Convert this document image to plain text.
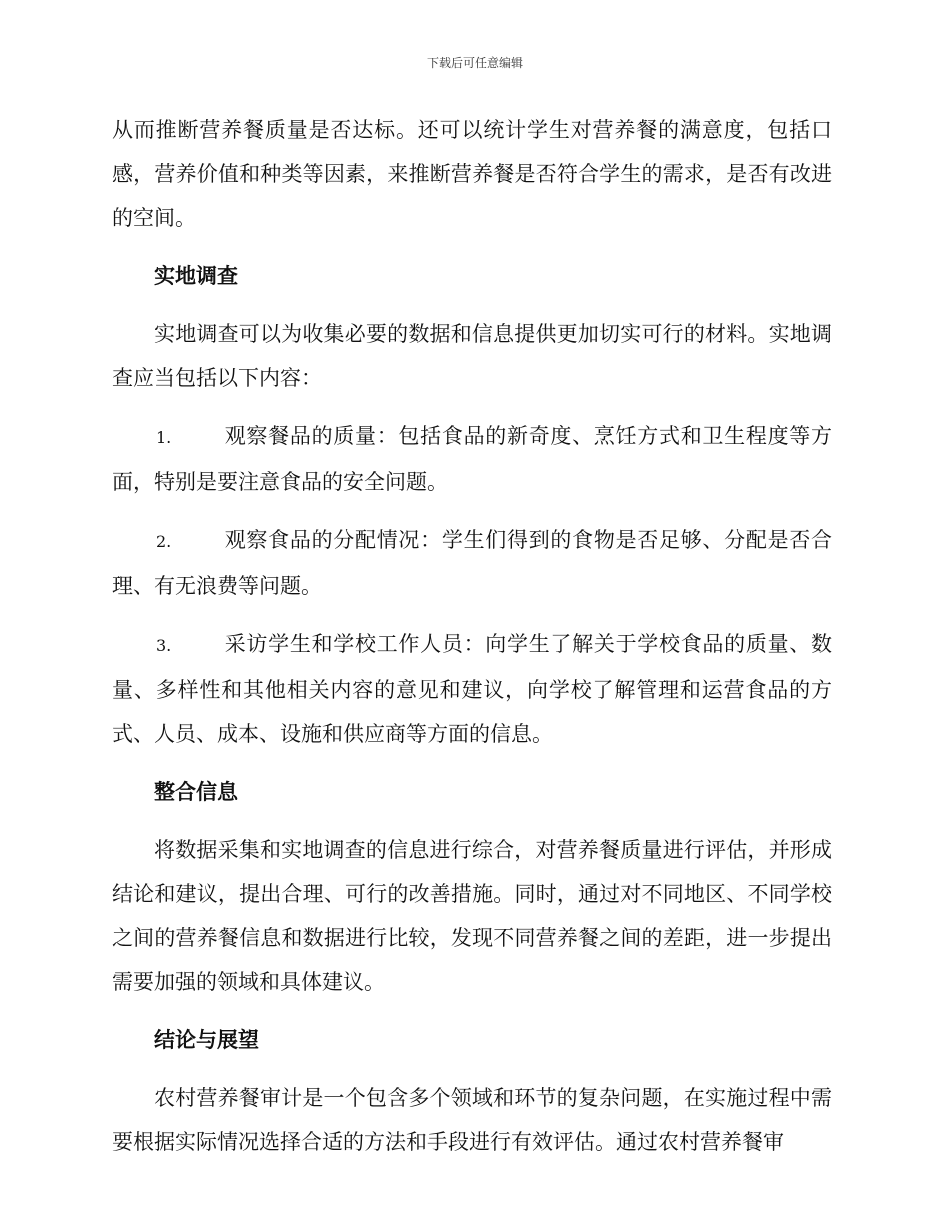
下载后可任意编辑

从而推断营养餐质量是否达标。还可以统计学生对营养餐的满意度，包括口感，营养价值和种类等因素，来推断营养餐是否符合学生的需求，是否有改进的空间。

实地调查

实地调查可以为收集必要的数据和信息提供更加切实可行的材料。实地调查应当包括以下内容：

1.	观察餐品的质量：包括食品的新奇度、烹饪方式和卫生程度等方面，特别是要注意食品的安全问题。

2.	观察食品的分配情况：学生们得到的食物是否足够、分配是否合理、有无浪费等问题。

3.	采访学生和学校工作人员：向学生了解关于学校食品的质量、数量、多样性和其他相关内容的意见和建议，向学校了解管理和运营食品的方式、人员、成本、设施和供应商等方面的信息。

整合信息

将数据采集和实地调查的信息进行综合，对营养餐质量进行评估，并形成结论和建议，提出合理、可行的改善措施。同时，通过对不同地区、不同学校之间的营养餐信息和数据进行比较，发现不同营养餐之间的差距，进一步提出需要加强的领域和具体建议。

结论与展望

农村营养餐审计是一个包含多个领域和环节的复杂问题，在实施过程中需要根据实际情况选择合适的方法和手段进行有效评估。通过农村营养餐审
